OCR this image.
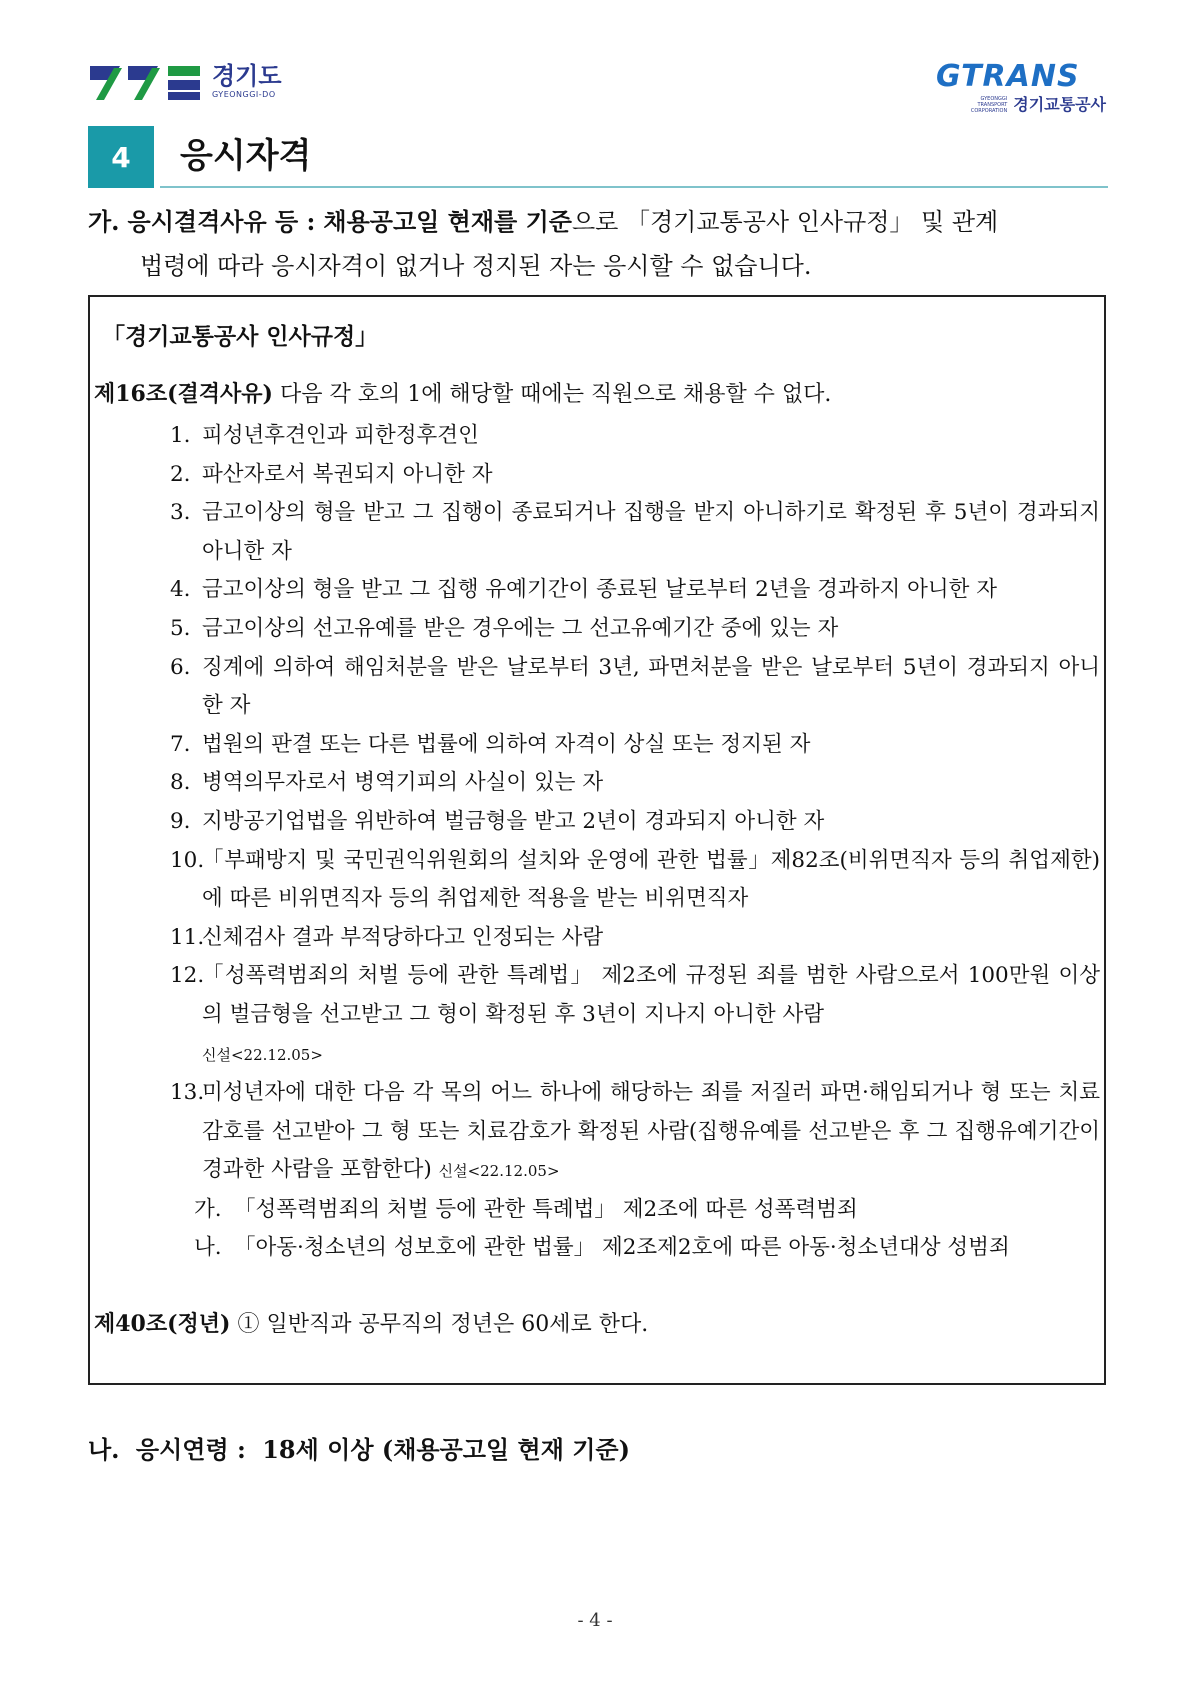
경기도
GYEONGGI-DO
GTRANS
GYEONGGI TRANSPORT CORPORATION 경기교통공사
4	응시자격
가. 응시결격사유 등 : 채용공고일 현재를 기준 으로 「경기교통공사 인사규정」 및 관계
법령에 따라 응시자격이 없거나 정지된 자는 응시할 수 없습니다.
「경기교통공사 인사규정」
제16조(결격사유) 다음 각 호의 1에 해당할 때에는 직원으로 채용할 수 없다.
1. 피성년후견인과 피한정후견인
2. 파산자로서 복권되지 아니한 자
3. 금고이상의 형을 받고 그 집행이 종료되거나 집행을 받지 아니하기로 확정된 후 5년이 경과되지 아니한 자
4. 금고이상의 형을 받고 그 집행 유예기간이 종료된 날로부터 2년을 경과하지 아니한 자
5. 금고이상의 선고유예를 받은 경우에는 그 선고유예기간 중에 있는 자
6. 징계에 의하여 해임처분을 받은 날로부터 3년, 파면처분을 받은 날로부터 5년이 경과되지 아니한 자
7. 법원의 판결 또는 다른 법률에 의하여 자격이 상실 또는 정지된 자
8. 병역의무자로서 병역기피의 사실이 있는 자
9. 지방공기업법을 위반하여 벌금형을 받고 2년이 경과되지 아니한 자
10.
「부패방지 및 국민권익위원회의 설치와 운영에 관한 법률」제82조(비위면직자 등의 취업제한)에 따른 비위면직자 등의 취업제한 적용을 받는 비위면직자
11.
신체검사 결과 부적당하다고 인정되는 사람
12.
「성폭력범죄의 처벌 등에 관한 특례법」 제2조에 규정된 죄를 범한 사람으로서 100만원 이상의 벌금형을 선고받고 그 형이 확정된 후 3년이 지나지 아니한 사람
신설<22.12.05>
13.
미성년자에 대한 다음 각 목의 어느 하나에 해당하는 죄를 저질러 파면·해임되거나 형 또는 치료감호를 선고받아 그 형 또는 치료감호가 확정된 사람(집행유예를 선고받은 후 그 집행유예기간이 경과한 사람을 포함한다) 신설<22.12.05>
가. 「성폭력범죄의 처벌 등에 관한 특례법」 제2조에 따른 성폭력범죄
나. 「아동·청소년의 성보호에 관한 법률」 제2조제2호에 따른 아동·청소년대상 성범죄
제40조(정년) ① 일반직과 공무직의 정년은 60세로 한다.
나. 응시연령 : 18세 이상 (채용공고일 현재 기준)
- 4 -
